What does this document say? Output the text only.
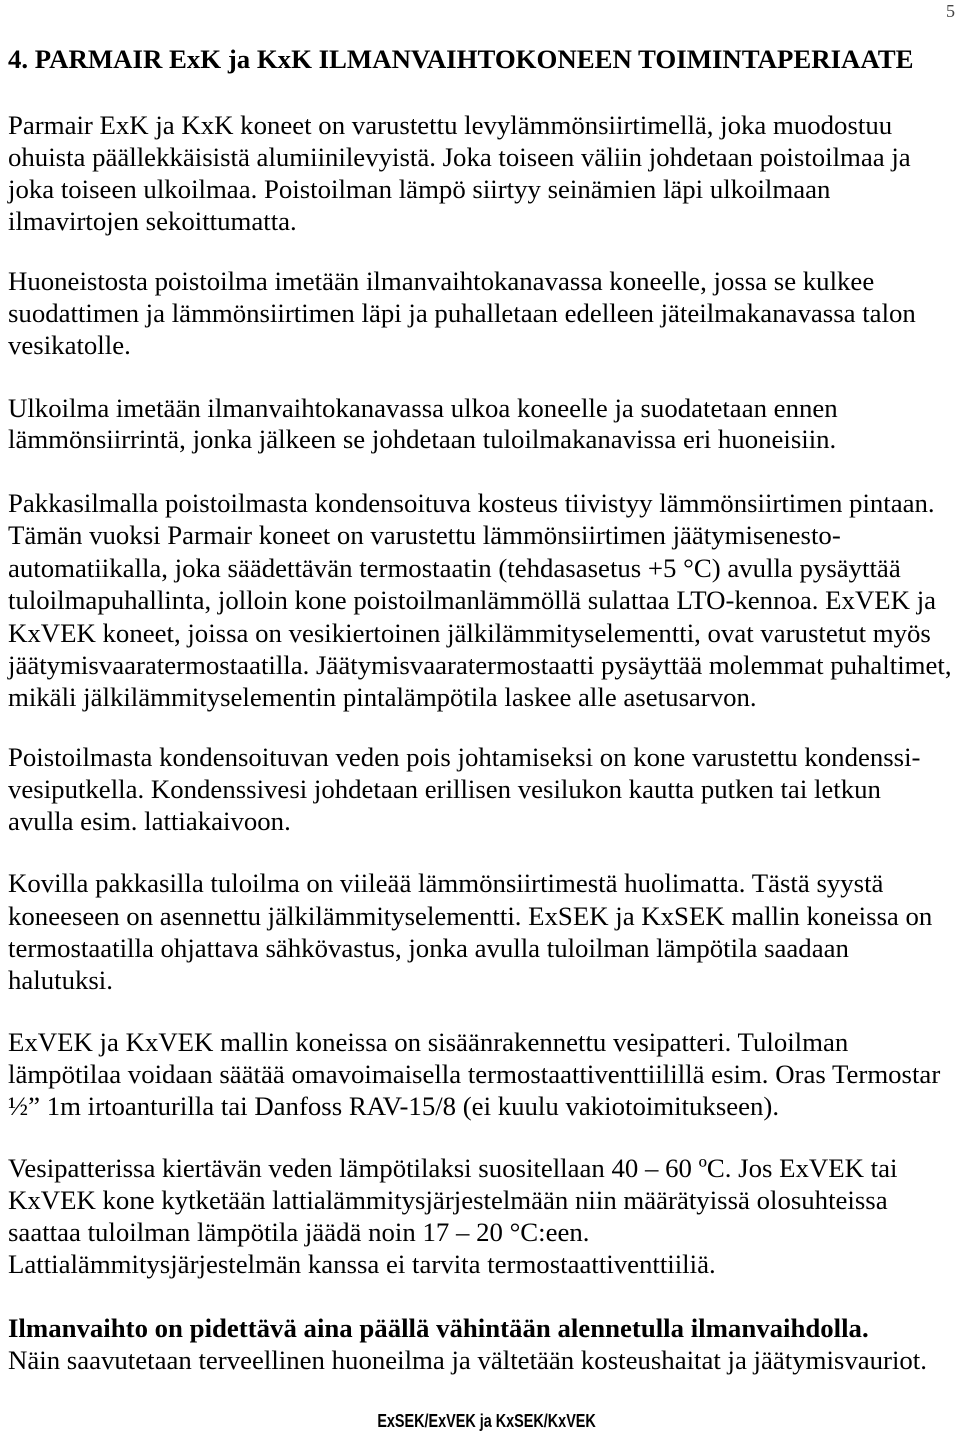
5
4. PARMAIR ExK ja KxK ILMANVAIHTOKONEEN TOIMINTAPERIAATE
Parmair ExK ja KxK koneet on varustettu levylämmönsiirtimellä, joka muodostuu
ohuista päällekkäisistä alumiinilevyistä. Joka toiseen väliin johdetaan poistoilmaa ja
joka toiseen ulkoilmaa. Poistoilman lämpö siirtyy seinämien läpi ulkoilmaan
ilmavirtojen sekoittumatta.
Huoneistosta poistoilma imetään ilmanvaihtokanavassa koneelle, jossa se kulkee
suodattimen ja lämmönsiirtimen läpi ja puhalletaan edelleen jäteilmakanavassa talon
vesikatolle.
Ulkoilma imetään ilmanvaihtokanavassa ulkoa koneelle ja suodatetaan ennen
lämmönsiirrintä, jonka jälkeen se johdetaan tuloilmakanavissa eri huoneisiin.
Pakkasilmalla poistoilmasta kondensoituva kosteus tiivistyy lämmönsiirtimen pintaan.
Tämän vuoksi Parmair koneet on varustettu lämmönsiirtimen jäätymisenesto-
automatiikalla, joka säädettävän termostaatin (tehdasasetus +5 °C) avulla pysäyttää
tuloilmapuhallinta, jolloin kone poistoilmanlämmöllä sulattaa LTO-kennoa. ExVEK ja
KxVEK koneet, joissa on vesikiertoinen jälkilämmityselementti, ovat varustetut myös
jäätymisvaaratermostaatilla. Jäätymisvaaratermostaatti pysäyttää molemmat puhaltimet,
mikäli jälkilämmityselementin pintalämpötila laskee alle asetusarvon.
Poistoilmasta kondensoituvan veden pois johtamiseksi on kone varustettu kondenssi-
vesiputkella. Kondenssivesi johdetaan erillisen vesilukon kautta putken tai letkun
avulla esim. lattiakaivoon.
Kovilla pakkasilla tuloilma on viileää lämmönsiirtimestä huolimatta. Tästä syystä
koneeseen on asennettu jälkilämmityselementti. ExSEK ja KxSEK mallin koneissa on
termostaatilla ohjattava sähkövastus, jonka avulla tuloilman lämpötila saadaan
halutuksi.
ExVEK ja KxVEK mallin koneissa on sisäänrakennettu vesipatteri. Tuloilman
lämpötilaa voidaan säätää omavoimaisella termostaattiventtiilillä esim. Oras Termostar
½” 1m irtoanturilla tai Danfoss RAV-15/8 (ei kuulu vakiotoimitukseen).
Vesipatterissa kiertävän veden lämpötilaksi suositellaan 40 – 60 ºC. Jos ExVEK tai
KxVEK kone kytketään lattialämmitysjärjestelmään niin määrätyissä olosuhteissa
saattaa tuloilman lämpötila jäädä noin 17 – 20 °C:een.
Lattialämmitysjärjestelmän kanssa ei tarvita termostaattiventtiiliä.
Ilmanvaihto on pidettävä aina päällä vähintään alennetulla ilmanvaihdolla.
Näin saavutetaan terveellinen huoneilma ja vältetään kosteushaitat ja jäätymisvauriot.
ExSEK/ExVEK ja KxSEK/KxVEK
